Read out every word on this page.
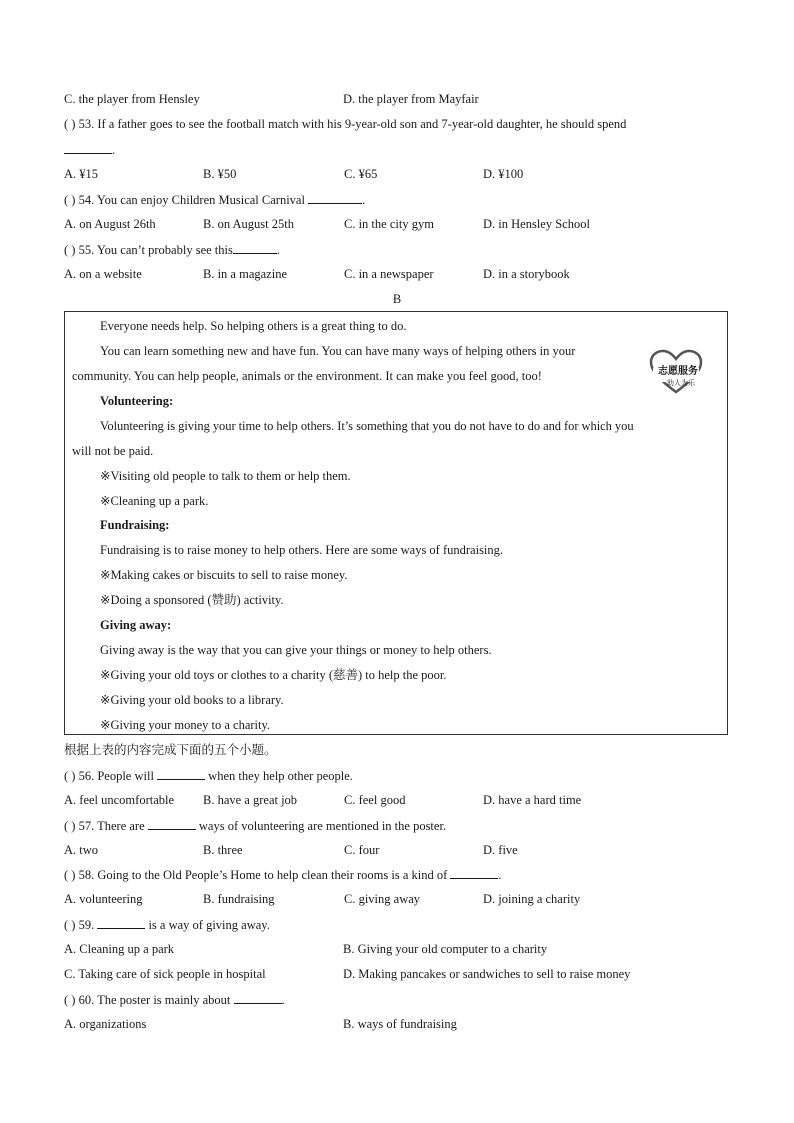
C. the player from Hensley	D. the player from Mayfair
( ) 53. If a father goes to see the football match with his 9-year-old son and 7-year-old daughter, he should spend
.
A. ¥15	B. ¥50	C. ¥65	D. ¥100
( ) 54. You can enjoy Children Musical Carnival	.
A. on August 26th	B. on August 25th	C. in the city gym	D. in Hensley School
( ) 55. You can’t probably see this	.
A. on a website	B. in a magazine	C. in a newspaper	D. in a storybook
B
Everyone needs help. So helping others is a great thing to do.
You can learn something new and have fun. You can have many ways of helping others in your
community. You can help people, animals or the environment. It can make you feel good, too!	志愿服务
助人为乐
Volunteering:
Volunteering is giving your time to help others. It’s something that you do not have to do and for which you
will not be paid.
※Visiting old people to talk to them or help them.
※Cleaning up a park.
Fundraising:
Fundraising is to raise money to help others. Here are some ways of fundraising.
※Making cakes or biscuits to sell to raise money.
※Doing a sponsored (赞助) activity.
Giving away:
Giving away is the way that you can give your things or money to help others.
※Giving your old toys or clothes to a charity (慈善) to help the poor.
※Giving your old books to a library.
※Giving your money to a charity.
根据上表的内容完成下面的五个小题。
( ) 56. People will	when they help other people.
A. feel uncomfortable B. have a great job	C. feel good	D. have a hard time
( ) 57. There are	ways of volunteering are mentioned in the poster.
A. two	B. three	C. four	D. five
( ) 58. Going to the Old People’s Home to help clean their rooms is a kind of	.
A. volunteering	B. fundraising	C. giving away	D. joining a charity
( ) 59.	is a way of giving away.
A. Cleaning up a park	B. Giving your old computer to a charity
C. Taking care of sick people in hospital	D. Making pancakes or sandwiches to sell to raise money
( ) 60. The poster is mainly about	.
A. organizations	B. ways of fundraising
